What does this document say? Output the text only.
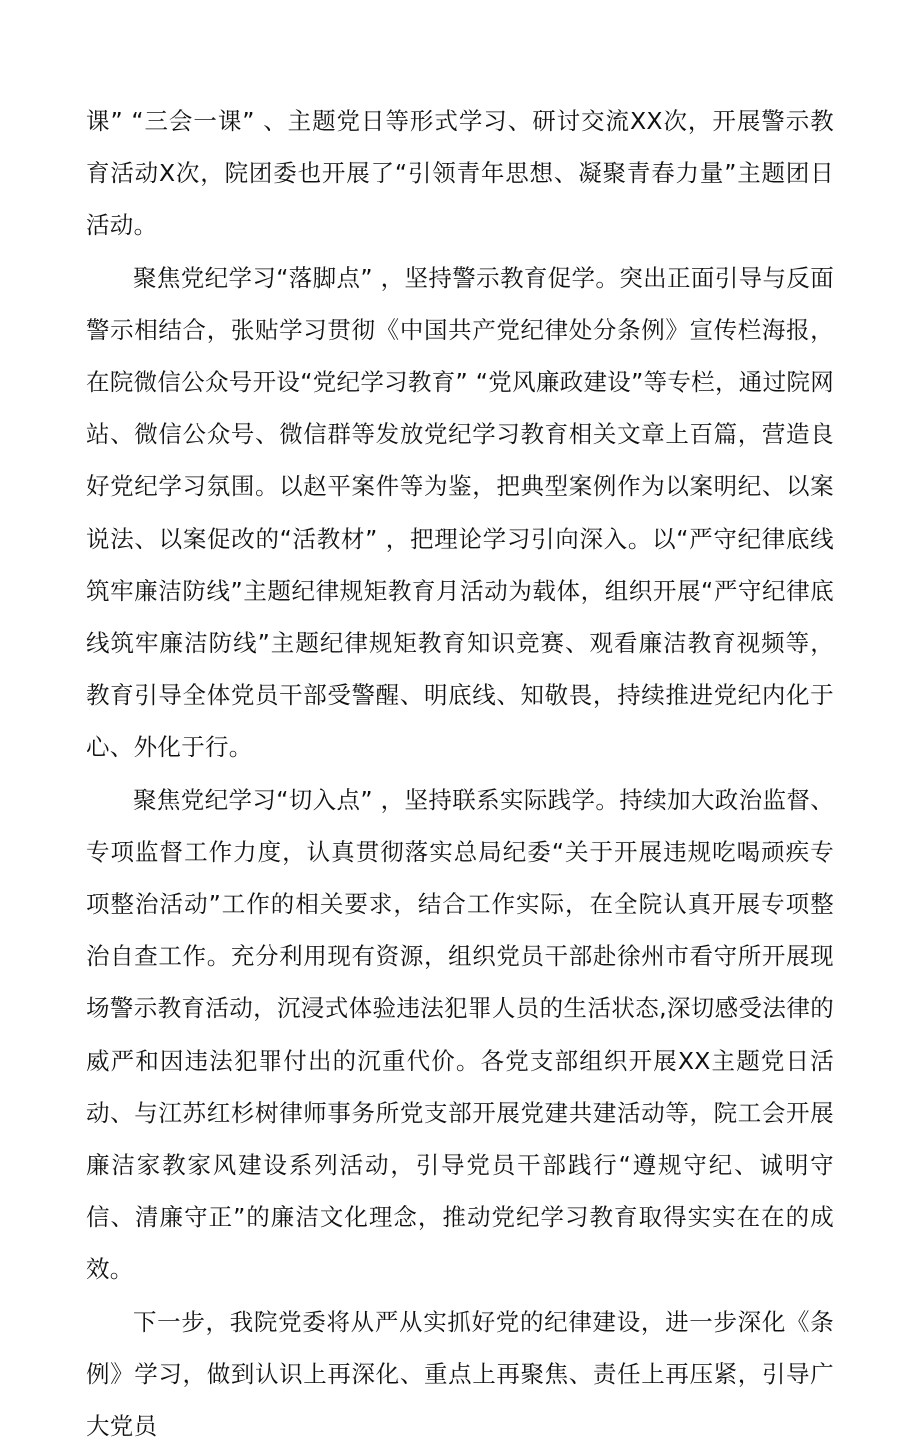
课” “三会一课” 、主题党日等形式学习、研讨交流XX次，开展警示教育活动X次，院团委也开展了“引领青年思想、凝聚青春力量”主题团日活动。

聚焦党纪学习“落脚点” ，坚持警示教育促学。突出正面引导与反面警示相结合，张贴学习贯彻《中国共产党纪律处分条例》宣传栏海报，在院微信公众号开设“党纪学习教育” “党风廉政建设”等专栏，通过院网站、微信公众号、微信群等发放党纪学习教育相关文章上百篇，营造良好党纪学习氛围。以赵平案件等为鉴，把典型案例作为以案明纪、以案说法、以案促改的“活教材” ，把理论学习引向深入。以“严守纪律底线筑牢廉洁防线”主题纪律规矩教育月活动为载体，组织开展“严守纪律底线筑牢廉洁防线”主题纪律规矩教育知识竞赛、观看廉洁教育视频等，教育引导全体党员干部受警醒、明底线、知敬畏，持续推进党纪内化于心、外化于行。

聚焦党纪学习“切入点” ，坚持联系实际践学。持续加大政治监督、专项监督工作力度，认真贯彻落实总局纪委“关于开展违规吃喝顽疾专项整治活动”工作的相关要求，结合工作实际，在全院认真开展专项整治自查工作。充分利用现有资源，组织党员干部赴徐州市看守所开展现场警示教育活动，沉浸式体验违法犯罪人员的生活状态,深切感受法律的威严和因违法犯罪付出的沉重代价。各党支部组织开展XX主题党日活动、与江苏红杉树律师事务所党支部开展党建共建活动等，院工会开展廉洁家教家风建设系列活动，引导党员干部践行“遵规守纪、诚明守信、清廉守正”的廉洁文化理念，推动党纪学习教育取得实实在在的成效。

下一步，我院党委将从严从实抓好党的纪律建设，进一步深化《条例》学习，做到认识上再深化、重点上再聚焦、责任上再压紧，引导广大党员
